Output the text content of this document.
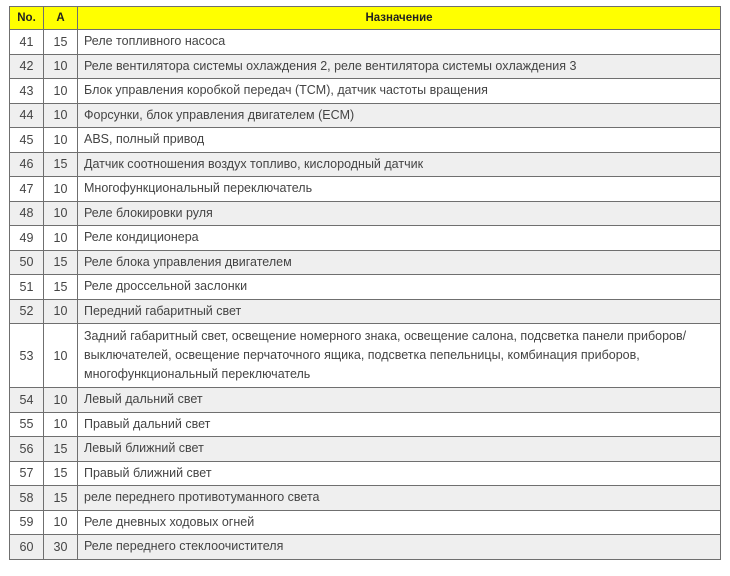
No.	A	Назначение
41	15	Реле топливного насоса
42	10	Реле вентилятора системы охлаждения 2, реле вентилятора системы охлаждения 3
43	10	Блок управления коробкой передач (TCM), датчик частоты вращения
44	10	Форсунки, блок управления двигателем (ECM)
45	10	ABS, полный привод
46	15	Датчик соотношения воздух топливо, кислородный датчик
47	10	Многофункциональный переключатель
48	10	Реле блокировки руля
49	10	Реле кондиционера
50	15	Реле блока управления двигателем
51	15	Реле дроссельной заслонки
52	10	Передний габаритный свет
53	10	Задний габаритный свет, освещение номерного знака, освещение салона, подсветка панели приборов/выключателей, освещение перчаточного ящика, подсветка пепельницы, комбинация приборов, многофункциональный переключатель
54	10	Левый дальний свет
55	10	Правый дальний свет
56	15	Левый ближний свет
57	15	Правый ближний свет
58	15	реле переднего противотуманного света
59	10	Реле дневных ходовых огней
60	30	Реле переднего стеклоочистителя
